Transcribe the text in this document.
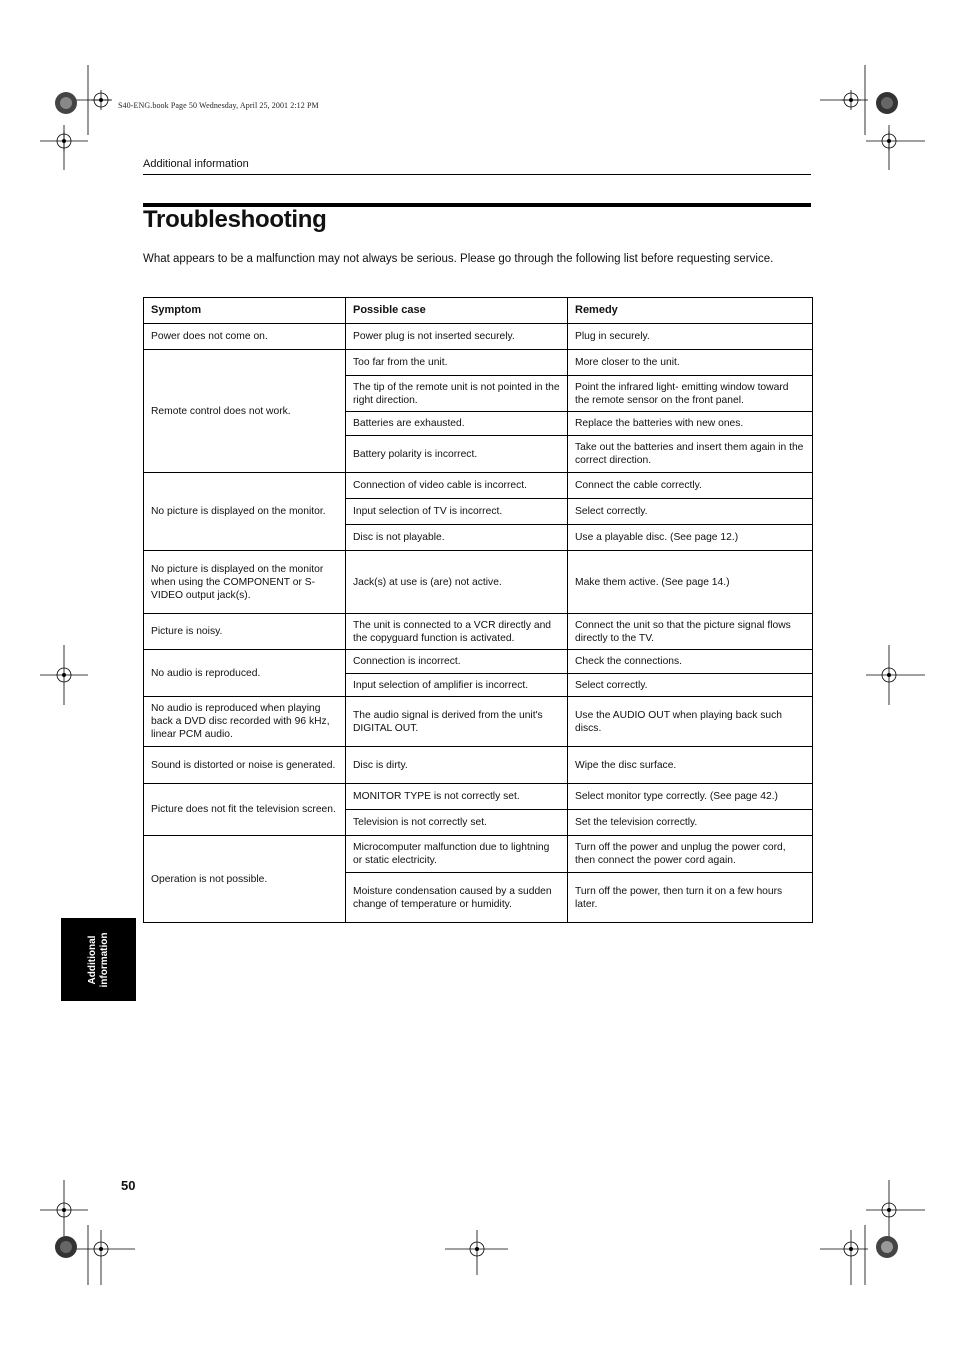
S40-ENG.book Page 50 Wednesday, April 25, 2001 2:12 PM
Additional information
Troubleshooting

What appears to be a malfunction may not always be serious. Please go through the following list before requesting service.

Symptom	Possible case	Remedy
Power does not come on.	Power plug is not inserted securely.	Plug in securely.
Remote control does not work.	Too far from the unit.	More closer to the unit.
	The tip of the remote unit is not pointed in the right direction.	Point the infrared light- emitting window toward the remote sensor on the front panel.
	Batteries are exhausted.	Replace the batteries with new ones.
	Battery polarity is incorrect.	Take out the batteries and insert them again in the correct direction.
No picture is displayed on the monitor.	Connection of video cable is incorrect.	Connect the cable correctly.
	Input selection of TV is incorrect.	Select correctly.
	Disc is not playable.	Use a playable disc. (See page 12.)
No picture is displayed on the monitor when using the COMPONENT or S-VIDEO output jack(s).	Jack(s) at use is (are) not active.	Make them active. (See page 14.)
Picture is noisy.	The unit is connected to a VCR directly and the copyguard function is activated.	Connect the unit so that the picture signal flows directly to the TV.
No audio is reproduced.	Connection is incorrect.	Check the connections.
	Input selection of amplifier is incorrect.	Select correctly.
No audio is reproduced when playing back a DVD disc recorded with 96 kHz, linear PCM audio.	The audio signal is derived from the unit's DIGITAL OUT.	Use the AUDIO OUT when playing back such discs.
Sound is distorted or noise is generated.	Disc is dirty.	Wipe the disc surface.
Picture does not fit the television screen.	MONITOR TYPE is not correctly set.	Select monitor type correctly. (See page 42.)
	Television is not correctly set.	Set the television correctly.
Operation is not possible.	Microcomputer malfunction due to lightning or static electricity.	Turn off the power and unplug the power cord, then connect the power cord again.
	Moisture condensation caused by a sudden change of temperature or humidity.	Turn off the power, then turn it on a few hours later.
Additional information
50
